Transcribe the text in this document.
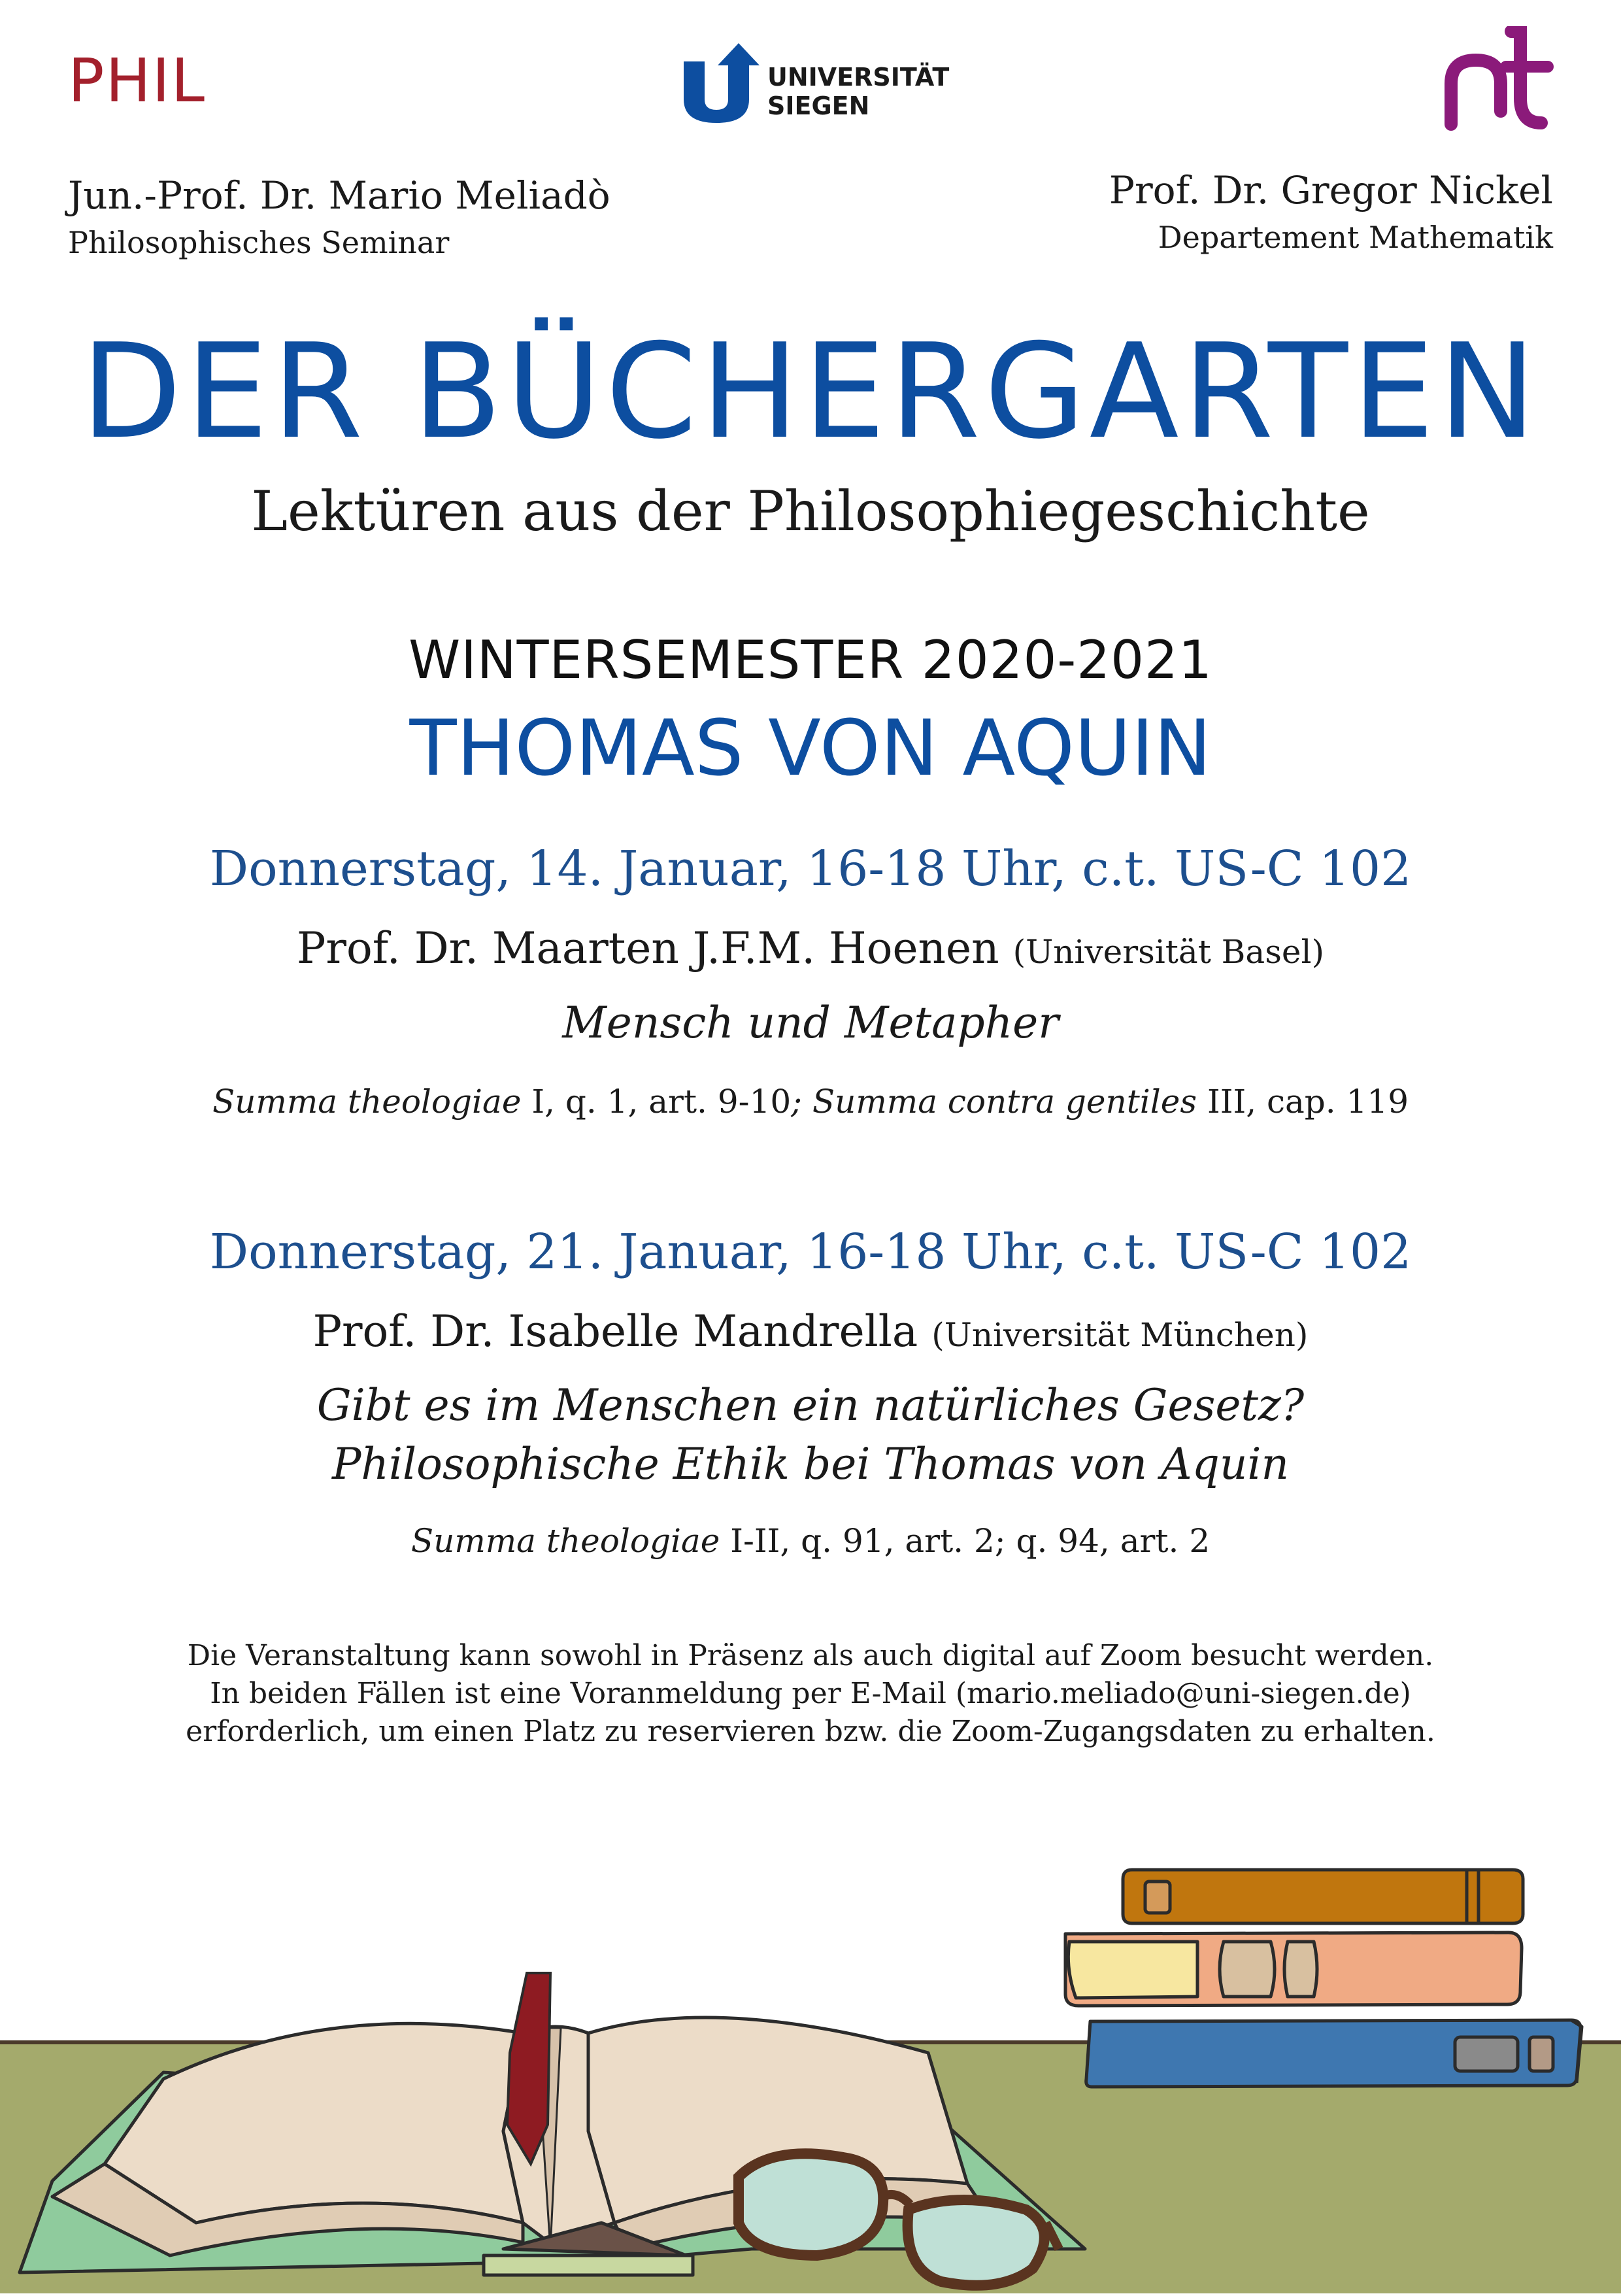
PHIL	UNIVERSITÄT
SIEGEN
Jun.-Prof. Dr. Mario Meliadò
Philosophisches Seminar
Prof. Dr. Gregor Nickel
Departement Mathematik
DER BÜCHERGARTEN
Lektüren aus der Philosophiegeschichte
WINTERSEMESTER 2020-2021
THOMAS VON AQUIN
Donnerstag, 14. Januar, 16-18 Uhr, c.t. US-C 102
Prof. Dr. Maarten J.F.M. Hoenen (Universität Basel)
Mensch und Metapher
Summa theologiae I, q. 1, art. 9-10; Summa contra gentiles III, cap. 119
Donnerstag, 21. Januar, 16-18 Uhr, c.t. US-C 102
Prof. Dr. Isabelle Mandrella (Universität München)
Gibt es im Menschen ein natürliches Gesetz?
Philosophische Ethik bei Thomas von Aquin
Summa theologiae I-II, q. 91, art. 2; q. 94, art. 2
Die Veranstaltung kann sowohl in Präsenz als auch digital auf Zoom besucht werden.
In beiden Fällen ist eine Voranmeldung per E-Mail (mario.meliado@uni-siegen.de)
erforderlich, um einen Platz zu reservieren bzw. die Zoom-Zugangsdaten zu erhalten.
